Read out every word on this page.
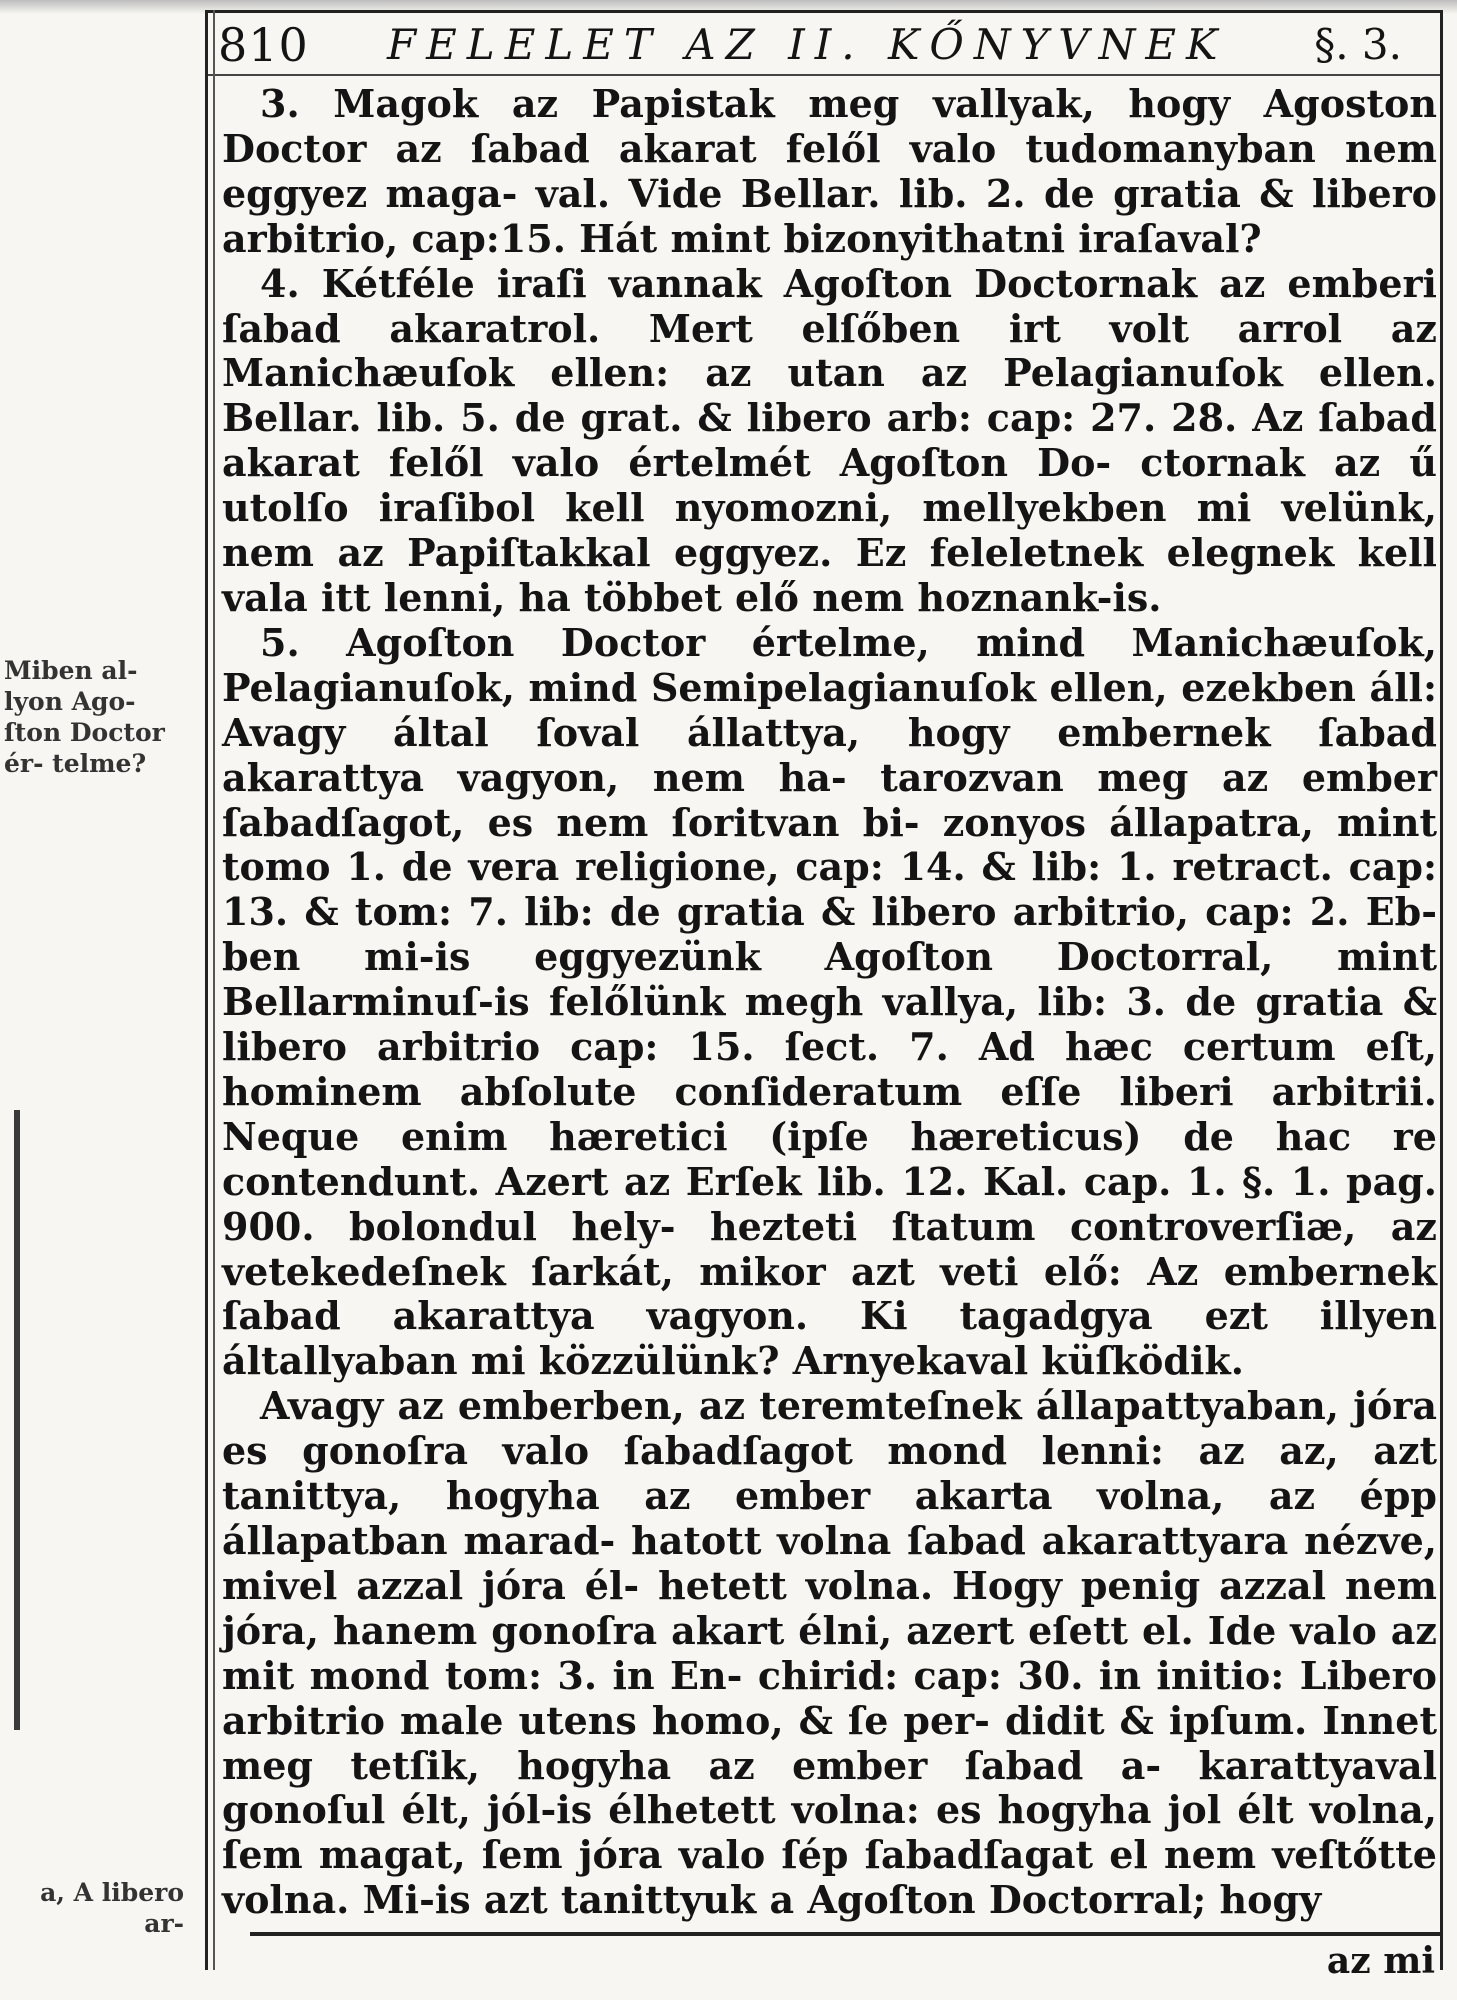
810 FELELET AZ II. KŐNYVNEK §. 3.

3. Magok az Papistak meg vallyak, hogy Agoston Doctor az ſabad akarat felől valo tudomanyban nem eggyez maga- val. Vide Bellar. lib. 2. de gratia & libero arbitrio, cap:15. Hát mint bizonyithatni iraſaval?

4. Kétféle iraſi vannak Agoſton Doctornak az emberi ſabad akaratrol. Mert elſőben irt volt arrol az Manichæuſok ellen: az utan az Pelagianuſok ellen. Bellar. lib. 5. de grat. & libero arb: cap: 27. 28. Az ſabad akarat felől valo értelmét Agoſton Do- ctornak az ű utolſo iraſibol kell nyomozni, mellyekben mi velünk, nem az Papiſtakkal eggyez. Ez feleletnek elegnek kell vala itt lenni, ha többet elő nem hoznank-is.

5. Agoſton Doctor értelme, mind Manichæuſok, Pelagianuſok, mind Semipelagianuſok ellen, ezekben áll: Avagy által ſoval állattya, hogy embernek ſabad akarattya vagyon, nem ha- tarozvan meg az ember ſabadſagot, es nem ſoritvan bi- zonyos állapatra, mint tomo 1. de vera religione, cap: 14. & lib: 1. retract. cap: 13. & tom: 7. lib: de gratia & libero arbitrio, cap: 2. Eb- ben mi-is eggyezünk Agoſton Doctorral, mint Bellarminuſ-is felőlünk megh vallya, lib: 3. de gratia & libero arbitrio cap: 15. ſect. 7. Ad hæc certum eſt, hominem abſolute conſideratum eſſe liberi arbitrii. Neque enim hæretici (ipſe hæreticus) de hac re contendunt. Azert az Erſek lib. 12. Kal. cap. 1. §. 1. pag. 900. bolondul hely- hezteti ſtatum controverſiæ, az vetekedeſnek ſarkát, mikor azt veti elő: Az embernek ſabad akarattya vagyon. Ki tagadgya ezt illyen általlyaban mi közzülünk? Arnyekaval küſködik.

Avagy az emberben, az teremteſnek állapattyaban, jóra es gonoſra valo ſabadſagot mond lenni: az az, azt tanittya, hogyha az ember akarta volna, az épp állapatban marad- hatott volna ſabad akarattyara nézve, mivel azzal jóra él- hetett volna. Hogy penig azzal nem jóra, hanem gonoſra akart élni, azert eſett el. Ide valo az mit mond tom: 3. in En- chirid: cap: 30. in initio: Libero arbitrio male utens homo, & ſe per- didit & ipſum. Innet meg tetſik, hogyha az ember ſabad a- karattyaval gonoſul élt, jól-is élhetett volna: es hogyha jol élt volna, ſem magat, ſem jóra valo ſép ſabadſagat el nem veſtőtte volna. Mi-is azt tanittyuk a Agoſton Doctorral; hogy

Miben al- lyon Ago- ſton Doctor ér- telme?
a, A libero ar-
az mi
